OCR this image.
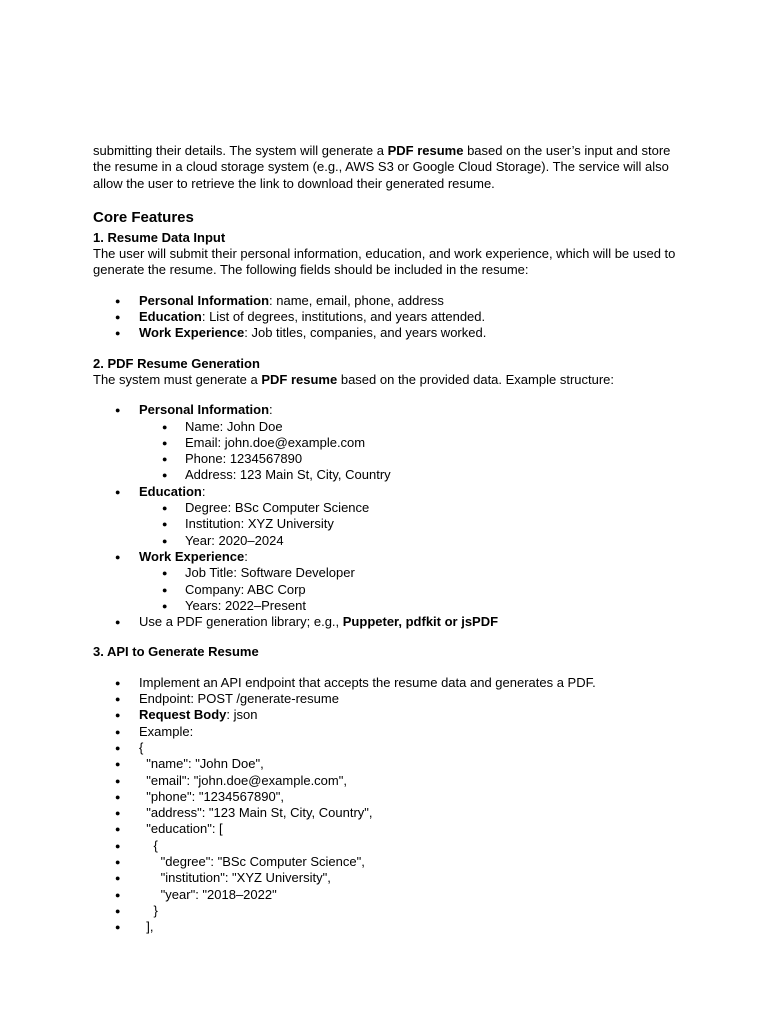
submitting their details. The system will generate a PDF resume based on the user’s input and store the resume in a cloud storage system (e.g., AWS S3 or Google Cloud Storage). The service will also allow the user to retrieve the link to download their generated resume.

Core Features

1. Resume Data Input

The user will submit their personal information, education, and work experience, which will be used to generate the resume. The following fields should be included in the resume:

● Personal Information: name, email, phone, address
● Education: List of degrees, institutions, and years attended.
● Work Experience: Job titles, companies, and years worked.

2. PDF Resume Generation

The system must generate a PDF resume based on the provided data. Example structure:

● Personal Information:
● Name: John Doe
● Email: john.doe@example.com
● Phone: 1234567890
● Address: 123 Main St, City, Country
● Education:
● Degree: BSc Computer Science
● Institution: XYZ University
● Year: 2020–2024
● Work Experience:
● Job Title: Software Developer
● Company: ABC Corp
● Years: 2022–Present
● Use a PDF generation library; e.g., Puppeter, pdfkit or jsPDF

3. API to Generate Resume

● Implement an API endpoint that accepts the resume data and generates a PDF.
● Endpoint: POST /generate-resume
● Request Body: json
● Example:
● {
●   "name": "John Doe",
●   "email": "john.doe@example.com",
●   "phone": "1234567890",
●   "address": "123 Main St, City, Country",
●   "education": [
●     {
●       "degree": "BSc Computer Science",
●       "institution": "XYZ University",
●       "year": "2018–2022"
●     }
●   ],
